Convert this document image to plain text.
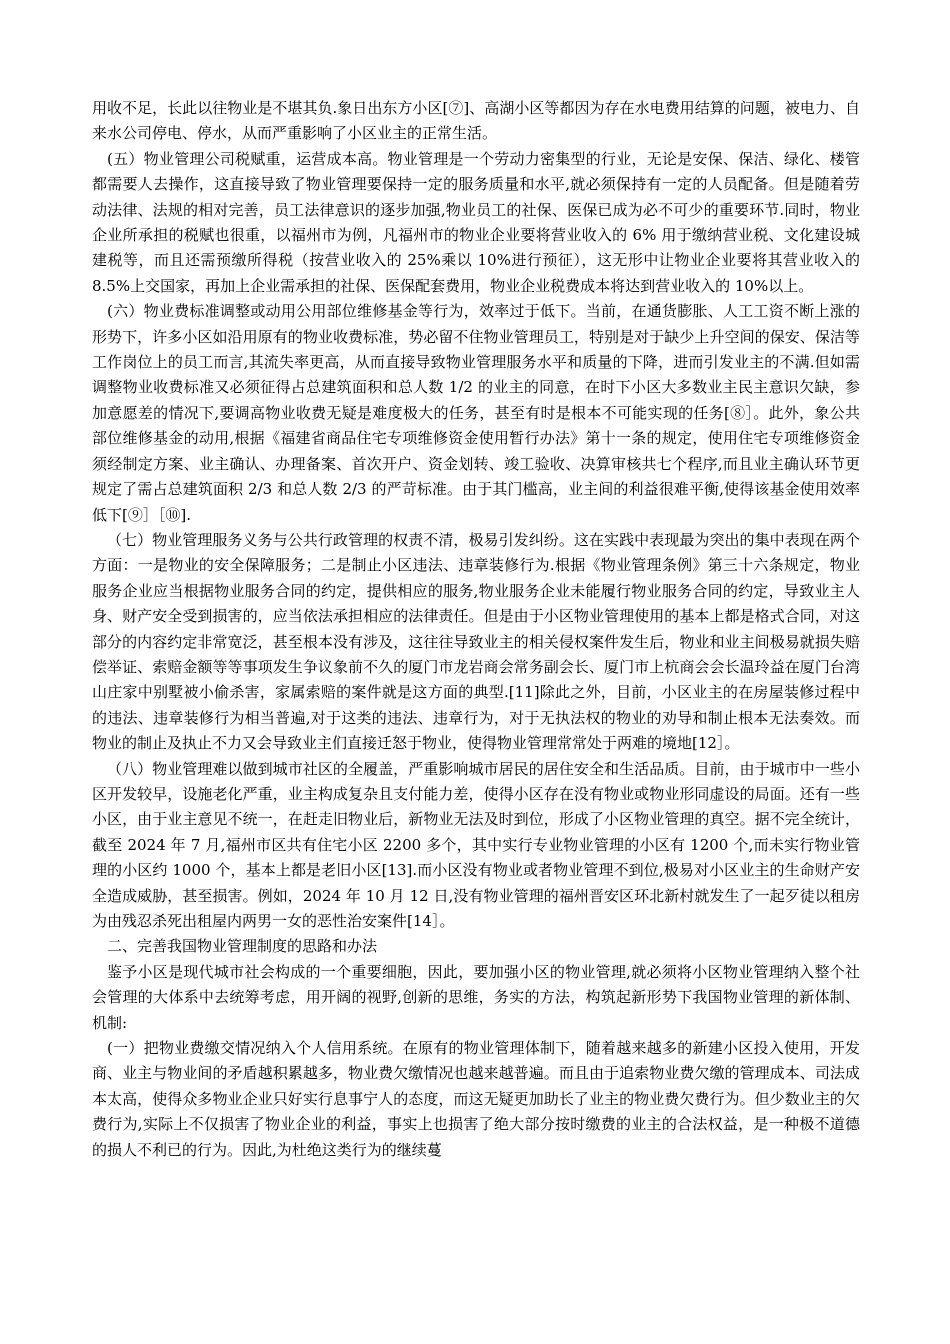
用收不足，长此以往物业是不堪其负.象日出东方小区[⑦]、高湖小区等都因为存在水电费用结算的问题，被电力、自来水公司停电、停水，从而严重影响了小区业主的正常生活。

(五）物业管理公司税赋重，运营成本高。物业管理是一个劳动力密集型的行业，无论是安保、保洁、绿化、楼管都需要人去操作，这直接导致了物业管理要保持一定的服务质量和水平,就必须保持有一定的人员配备。但是随着劳动法律、法规的相对完善，员工法律意识的逐步加强,物业员工的社保、医保已成为必不可少的重要环节.同时，物业企业所承担的税赋也很重，以福州市为例，凡福州市的物业企业要将营业收入的 6% 用于缴纳营业税、文化建设城建税等，而且还需预缴所得税（按营业收入的 25%乘以 10%进行预征），这无形中让物业企业要将其营业收入的 8.5%上交国家，再加上企业需承担的社保、医保配套费用，物业企业税费成本将达到营业收入的 10%以上。

(六）物业费标准调整或动用公用部位维修基金等行为，效率过于低下。当前，在通货膨胀、人工工资不断上涨的形势下，许多小区如沿用原有的物业收费标准，势必留不住物业管理员工，特别是对于缺少上升空间的保安、保洁等工作岗位上的员工而言,其流失率更高，从而直接导致物业管理服务水平和质量的下降，进而引发业主的不满.但如需调整物业收费标准又必须征得占总建筑面积和总人数 1/2 的业主的同意，在时下小区大多数业主民主意识欠缺，参加意愿差的情况下,要调高物业收费无疑是难度极大的任务，甚至有时是根本不可能实现的任务[⑧］。此外，象公共部位维修基金的动用,根据《福建省商品住宅专项维修资金使用暂行办法》第十一条的规定，使用住宅专项维修资金须经制定方案、业主确认、办理备案、首次开户、资金划转、竣工验收、决算审核共七个程序,而且业主确认环节更规定了需占总建筑面积 2/3 和总人数 2/3 的严苛标准。由于其门槛高，业主间的利益很难平衡,使得该基金使用效率低下[⑨］［⑩].

（七）物业管理服务义务与公共行政管理的权责不清，极易引发纠纷。这在实践中表现最为突出的集中表现在两个方面：一是物业的安全保障服务；二是制止小区违法、违章装修行为.根据《物业管理条例》第三十六条规定，物业服务企业应当根据物业服务合同的约定，提供相应的服务,物业服务企业未能履行物业服务合同的约定，导致业主人身、财产安全受到损害的，应当依法承担相应的法律责任。但是由于小区物业管理使用的基本上都是格式合同，对这部分的内容约定非常宽泛，甚至根本没有涉及，这往往导致业主的相关侵权案件发生后，物业和业主间极易就损失赔偿举证、索赔金额等等事项发生争议象前不久的厦门市龙岩商会常务副会长、厦门市上杭商会会长温玲益在厦门台湾山庄家中别墅被小偷杀害，家属索赔的案件就是这方面的典型.[11]除此之外，目前，小区业主的在房屋装修过程中的违法、违章装修行为相当普遍,对于这类的违法、违章行为，对于无执法权的物业的劝导和制止根本无法奏效。而物业的制止及执止不力又会导致业主们直接迁怒于物业，使得物业管理常常处于两难的境地[12］。

（八）物业管理难以做到城市社区的全履盖，严重影响城市居民的居住安全和生活品质。目前，由于城市中一些小区开发较早，设施老化严重，业主构成复杂且支付能力差，使得小区存在没有物业或物业形同虚设的局面。还有一些小区，由于业主意见不统一，在赶走旧物业后，新物业无法及时到位，形成了小区物业管理的真空。据不完全统计，截至 2024 年 7 月,福州市区共有住宅小区 2200 多个，其中实行专业物业管理的小区有 1200 个,而未实行物业管理的小区约 1000 个，基本上都是老旧小区[13].而小区没有物业或者物业管理不到位,极易对小区业主的生命财产安全造成威胁，甚至损害。例如，2024 年 10 月 12 日,没有物业管理的福州晋安区环北新村就发生了一起歹徒以租房为由残忍杀死出租屋内两男一女的恶性治安案件[14］。

二、完善我国物业管理制度的思路和办法

鉴予小区是现代城市社会构成的一个重要细胞，因此，要加强小区的物业管理,就必须将小区物业管理纳入整个社会管理的大体系中去统筹考虑，用开阔的视野,创新的思维，务实的方法，构筑起新形势下我国物业管理的新体制、机制:

(一）把物业费缴交情况纳入个人信用系统。在原有的物业管理体制下，随着越来越多的新建小区投入使用，开发商、业主与物业间的矛盾越积累越多，物业费欠缴情况也越来越普遍。而且由于追索物业费欠缴的管理成本、司法成本太高，使得众多物业企业只好实行息事宁人的态度，而这无疑更加助长了业主的物业费欠费行为。但少数业主的欠费行为,实际上不仅损害了物业企业的利益，事实上也损害了绝大部分按时缴费的业主的合法权益，是一种极不道德的损人不利已的行为。因此,为杜绝这类行为的继续蔓
